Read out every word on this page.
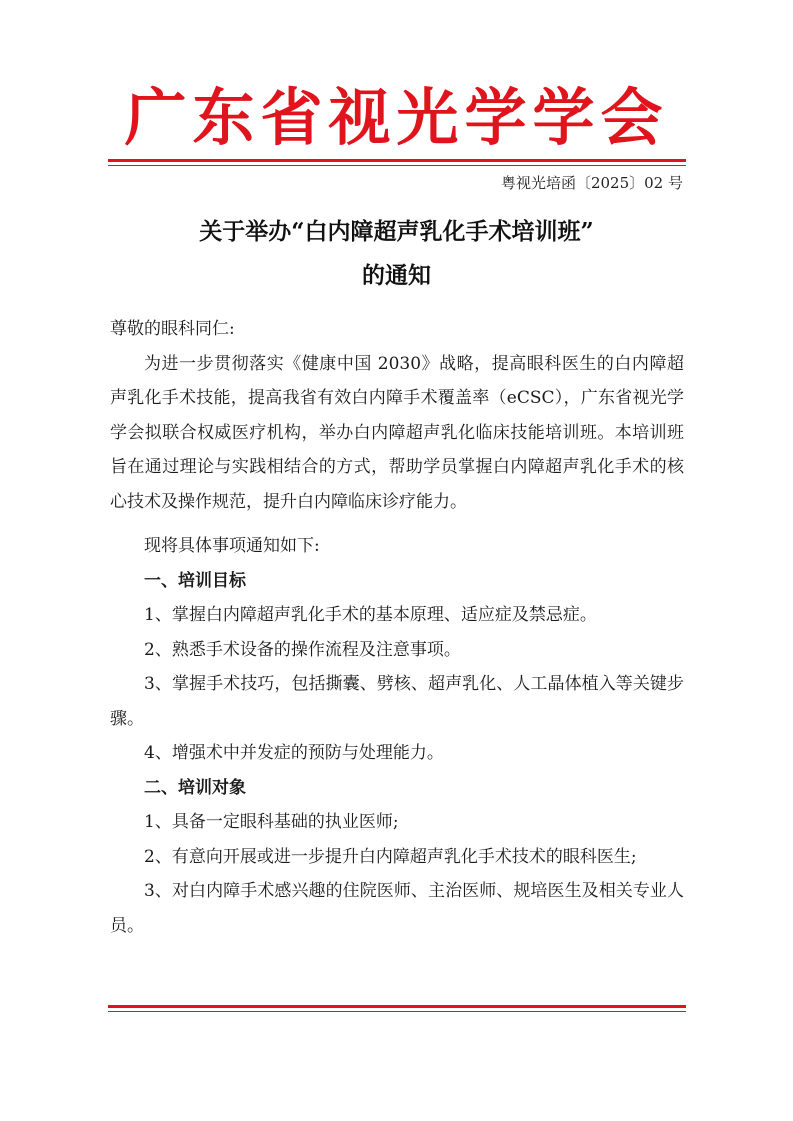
广东省视光学学会
粤视光培函〔2025〕02 号
关于举办“白内障超声乳化手术培训班”
的通知

尊敬的眼科同仁:

为进一步贯彻落实《健康中国 2030》战略，提高眼科医生的白内障超声乳化手术技能，提高我省有效白内障手术覆盖率（eCSC），广东省视光学学会拟联合权威医疗机构，举办白内障超声乳化临床技能培训班。本培训班旨在通过理论与实践相结合的方式，帮助学员掌握白内障超声乳化手术的核心技术及操作规范，提升白内障临床诊疗能力。

现将具体事项通知如下:

一、培训目标

1、掌握白内障超声乳化手术的基本原理、适应症及禁忌症。

2、熟悉手术设备的操作流程及注意事项。

3、掌握手术技巧，包括撕囊、劈核、超声乳化、人工晶体植入等关键步骤。

4、增强术中并发症的预防与处理能力。

二、培训对象

1、具备一定眼科基础的执业医师;

2、有意向开展或进一步提升白内障超声乳化手术技术的眼科医生;

3、对白内障手术感兴趣的住院医师、主治医师、规培医生及相关专业人员。
